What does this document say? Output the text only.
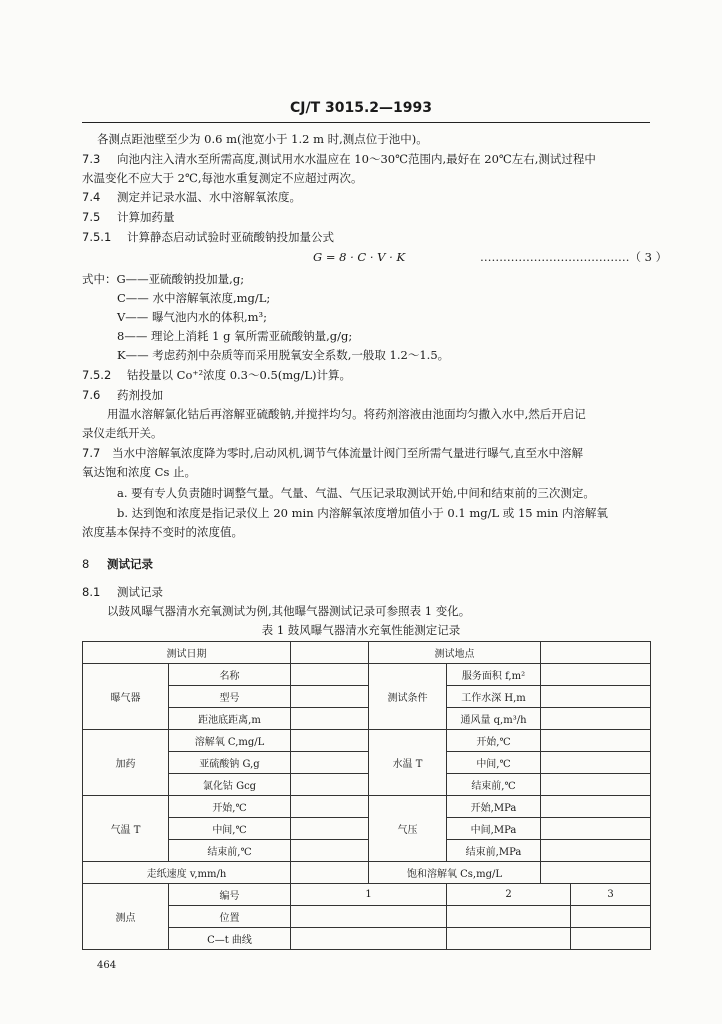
CJ/T 3015.2—1993
各测点距池壁至少为 0.6 m(池宽小于 1.2 m 时,测点位于池中)。
7.3 向池内注入清水至所需高度,测试用水水温应在 10～30℃范围内,最好在 20℃左右,测试过程中
水温变化不应大于 2℃,每池水重复测定不应超过两次。
7.4 测定并记录水温、水中溶解氧浓度。
7.5 计算加药量
7.5.1 计算静态启动试验时亚硫酸钠投加量公式
G = 8 · C · V · K	…………………………………（ 3 ）
式中：G——亚硫酸钠投加量,g;
C—— 水中溶解氧浓度,mg/L;
V—— 曝气池内水的体积,m³;
8—— 理论上消耗 1 g 氧所需亚硫酸钠量,g/g;
K—— 考虑药剂中杂质等而采用脱氧安全系数,一般取 1.2～1.5。
7.5.2 钴投量以 Co⁺²浓度 0.3～0.5(mg/L)计算。
7.6 药剂投加
用温水溶解氯化钴后再溶解亚硫酸钠,并搅拌均匀。将药剂溶液由池面均匀撒入水中,然后开启记
录仪走纸开关。
7.7 当水中溶解氧浓度降为零时,启动风机,调节气体流量计阀门至所需气量进行曝气,直至水中溶解
氧达饱和浓度 Cs 止。
a. 要有专人负责随时调整气量。气量、气温、气压记录取测试开始,中间和结束前的三次测定。
b. 达到饱和浓度是指记录仪上 20 min 内溶解氧浓度增加值小于 0.1 mg/L 或 15 min 内溶解氧
浓度基本保持不变时的浓度值。
8 测试记录
8.1 测试记录
以鼓风曝气器清水充氧测试为例,其他曝气器测试记录可参照表 1 变化。
表 1 鼓风曝气器清水充氧性能测定记录
测试日期			测试地点			
曝气器	名称		测试条件	服务面积 f,m²		
	型号			工作水深 H,m		
	距池底距离,m			通风量 q,m³/h		
加药	溶解氧 C,mg/L		水温 T	开始,℃		
	亚硫酸钠 G,g			中间,℃		
	氯化钴 Gcg			结束前,℃		
气温 T	开始,℃		气压	开始,MPa		
	中间,℃			中间,MPa		
	结束前,℃			结束前,MPa		
走纸速度 v,mm/h			饱和溶解氧 Cs,mg/L			
测点	编号	1		2		3
	位置					
	C—t 曲线					
464
